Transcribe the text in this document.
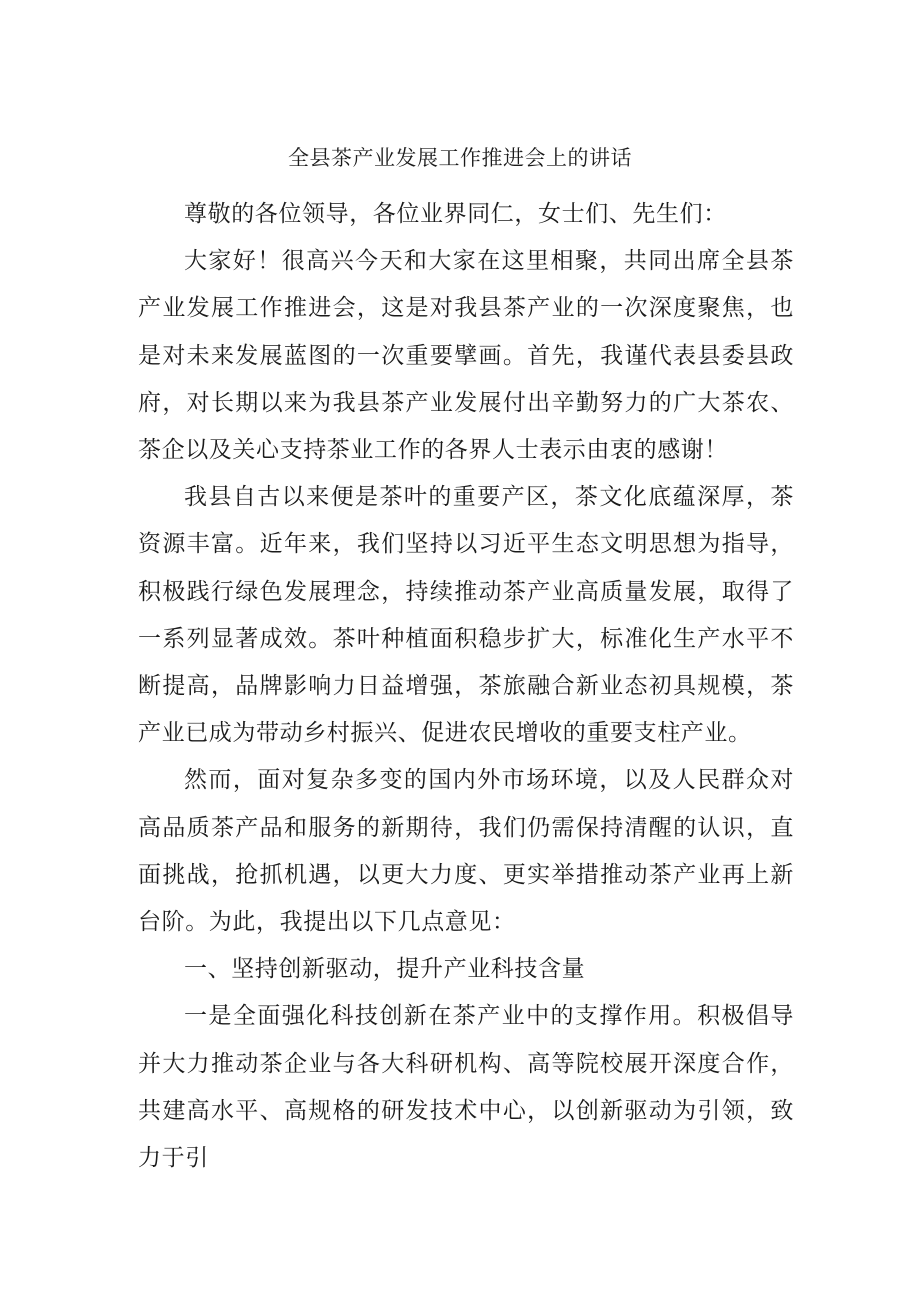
全县茶产业发展工作推进会上的讲话

尊敬的各位领导，各位业界同仁，女士们、先生们：

大家好！很高兴今天和大家在这里相聚，共同出席全县茶产业发展工作推进会，这是对我县茶产业的一次深度聚焦，也是对未来发展蓝图的一次重要擘画。首先，我谨代表县委县政府，对长期以来为我县茶产业发展付出辛勤努力的广大茶农、茶企以及关心支持茶业工作的各界人士表示由衷的感谢！

我县自古以来便是茶叶的重要产区，茶文化底蕴深厚，茶资源丰富。近年来，我们坚持以习近平生态文明思想为指导，积极践行绿色发展理念，持续推动茶产业高质量发展，取得了一系列显著成效。茶叶种植面积稳步扩大，标准化生产水平不断提高，品牌影响力日益增强，茶旅融合新业态初具规模，茶产业已成为带动乡村振兴、促进农民增收的重要支柱产业。

然而，面对复杂多变的国内外市场环境，以及人民群众对高品质茶产品和服务的新期待，我们仍需保持清醒的认识，直面挑战，抢抓机遇，以更大力度、更实举措推动茶产业再上新台阶。为此，我提出以下几点意见：

一、坚持创新驱动，提升产业科技含量

一是全面强化科技创新在茶产业中的支撑作用。积极倡导并大力推动茶企业与各大科研机构、高等院校展开深度合作，共建高水平、高规格的研发技术中心，以创新驱动为引领，致力于引
